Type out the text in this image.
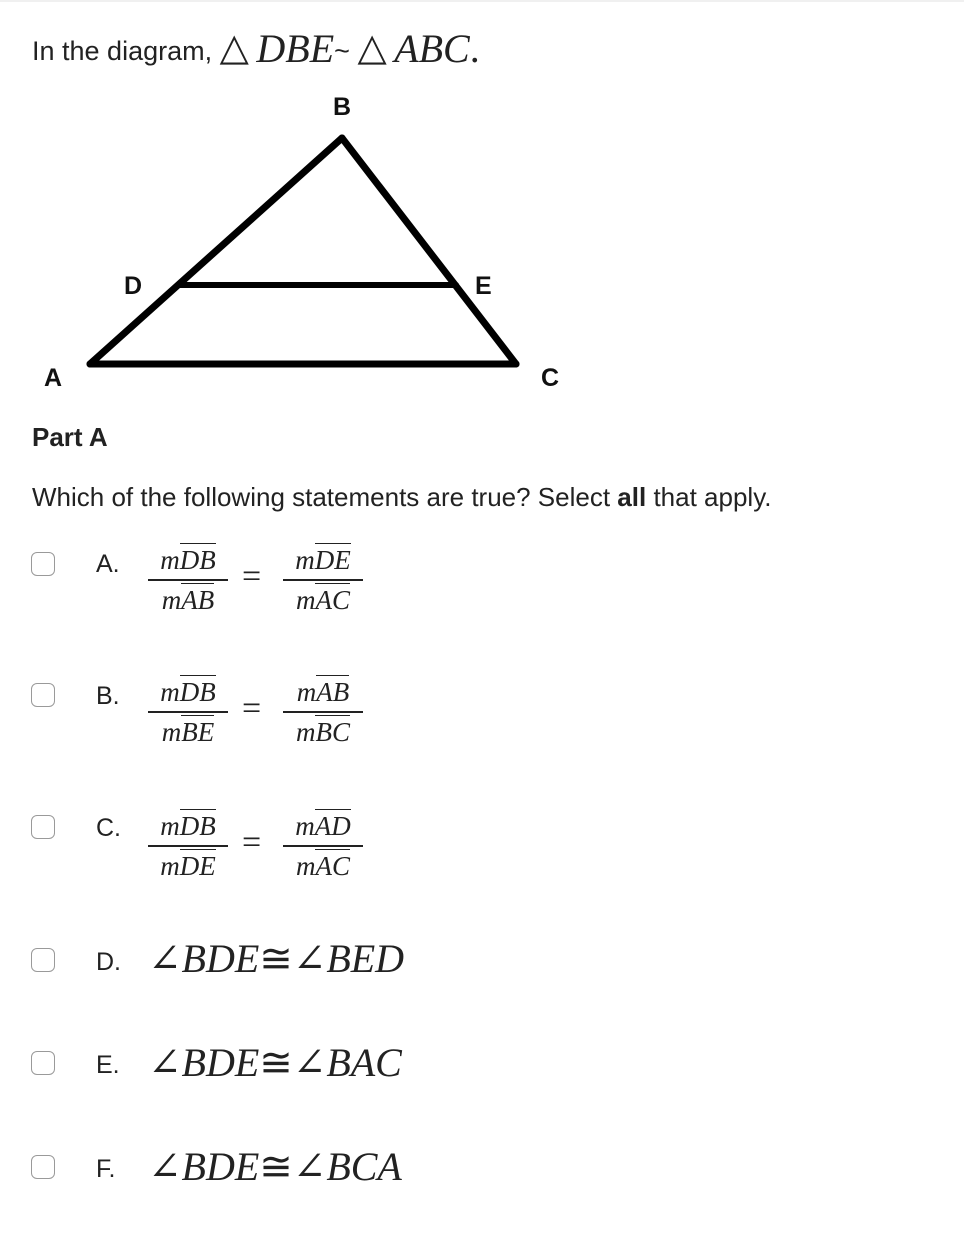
In the diagram, △ DBE~ △ ABC.
B
D	E
A	C
Part A
Which of the following statements are true? Select all that apply.
A.	mDB
mAB
=	mDE
mAC
B.	mDB
mBE
=	mAB
mBC
C.	mDB
mDE
=	mAD
mAC
D. ∠BDE≅∠BED
E. ∠BDE≅∠BAC
F. ∠BDE≅∠BCA
